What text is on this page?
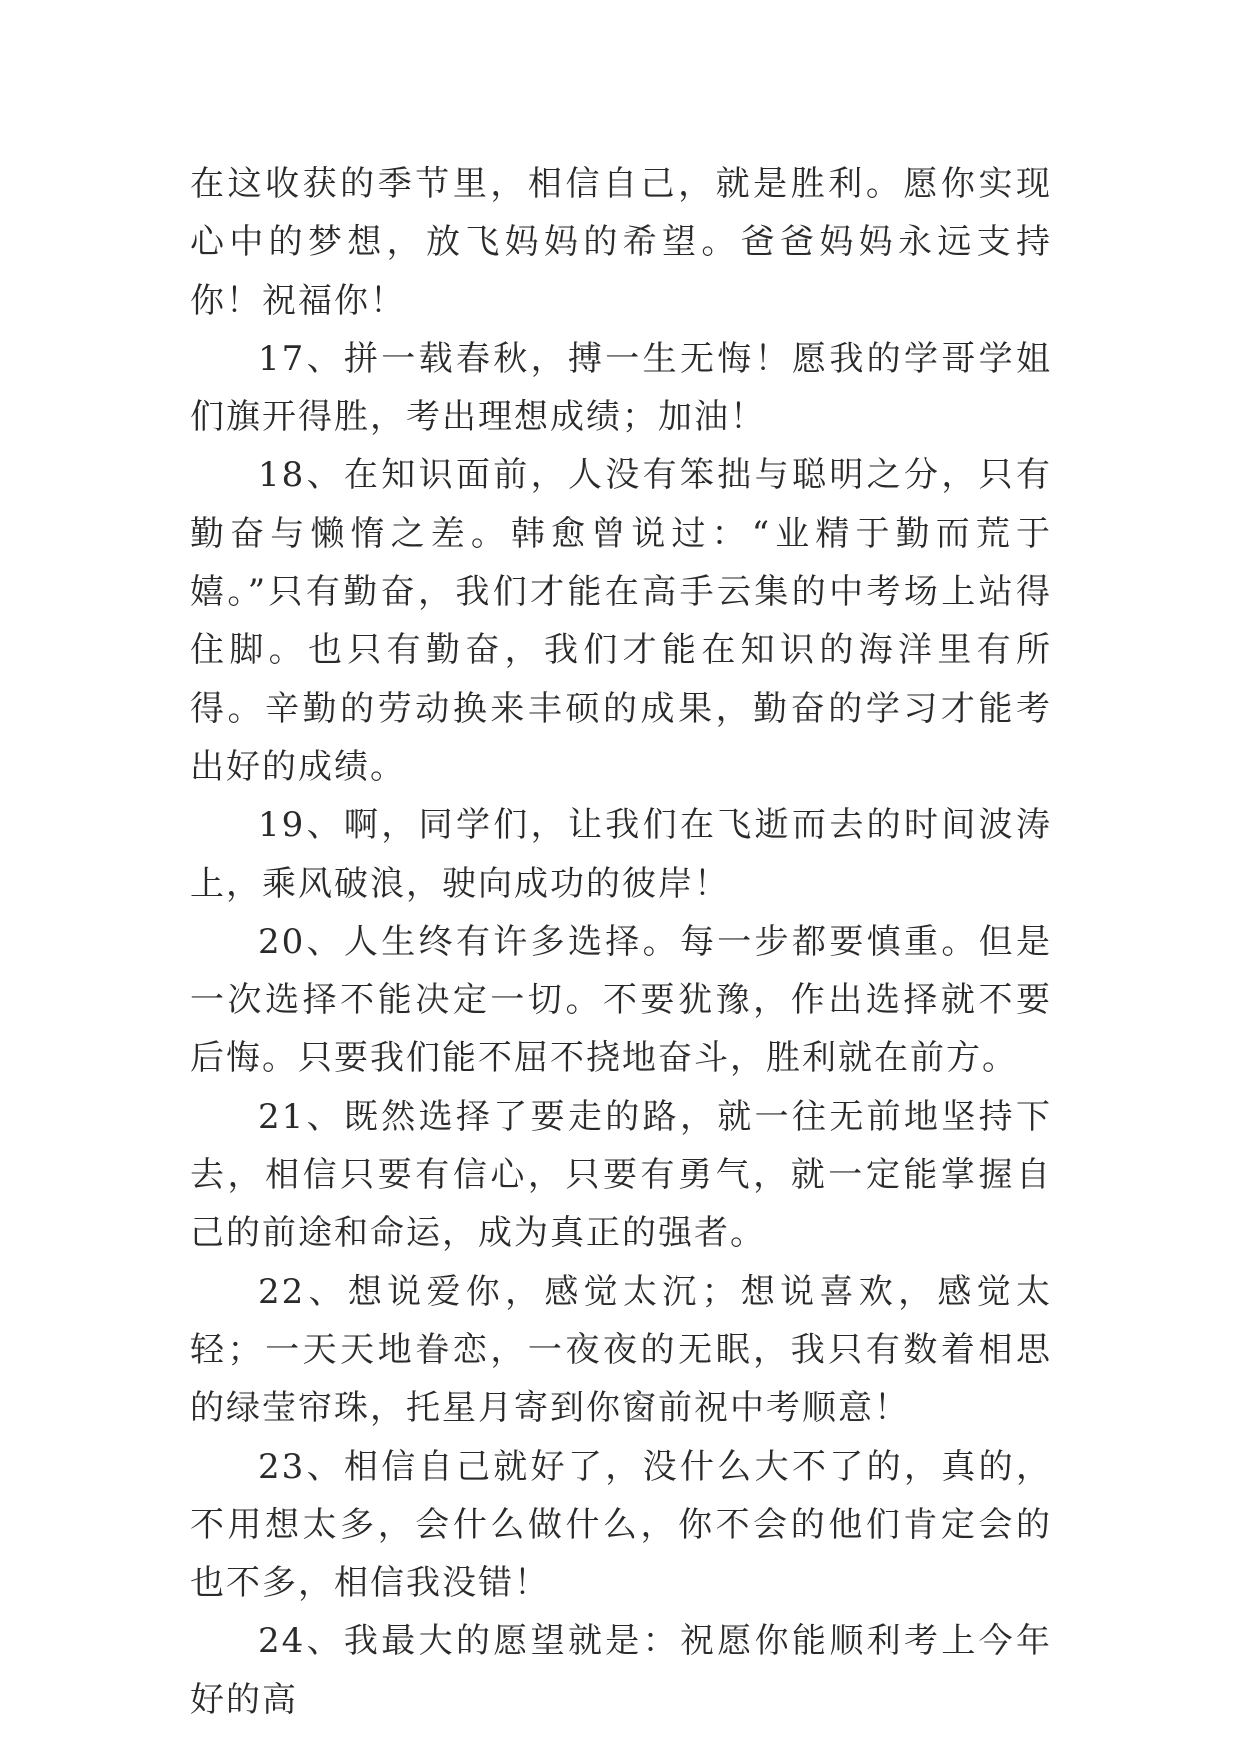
在这收获的季节里，相信自己，就是胜利。愿你实现心中的梦想，放飞妈妈的希望。爸爸妈妈永远支持你！祝福你！

17、拼一载春秋，搏一生无悔！愿我的学哥学姐们旗开得胜，考出理想成绩；加油！

18、在知识面前，人没有笨拙与聪明之分，只有勤奋与懒惰之差。韩愈曾说过：“业精于勤而荒于嬉。”只有勤奋，我们才能在高手云集的中考场上站得住脚。也只有勤奋，我们才能在知识的海洋里有所得。辛勤的劳动换来丰硕的成果，勤奋的学习才能考出好的成绩。

19、啊，同学们，让我们在飞逝而去的时间波涛上，乘风破浪，驶向成功的彼岸！

20、人生终有许多选择。每一步都要慎重。但是一次选择不能决定一切。不要犹豫，作出选择就不要后悔。只要我们能不屈不挠地奋斗，胜利就在前方。

21、既然选择了要走的路，就一往无前地坚持下去，相信只要有信心，只要有勇气，就一定能掌握自己的前途和命运，成为真正的强者。

22、想说爱你，感觉太沉；想说喜欢，感觉太轻；一天天地眷恋，一夜夜的无眠，我只有数着相思的绿莹帘珠，托星月寄到你窗前祝中考顺意！

23、相信自己就好了，没什么大不了的，真的，不用想太多，会什么做什么，你不会的他们肯定会的也不多，相信我没错！

24、我最大的愿望就是：祝愿你能顺利考上今年好的高
